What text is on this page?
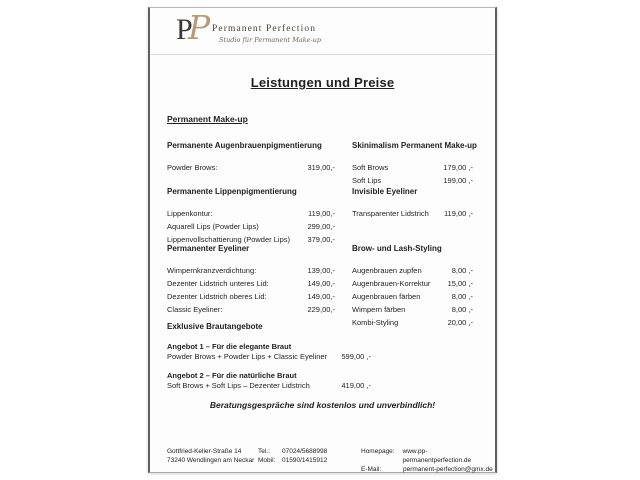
P
P Permanent Perfection
Studio für Permanent Make-up
Leistungen und Preise
Permanent Make-up
Permanente Augenbrauenpigmentierung
Powder Brows:	319,00,-
Permanente Lippenpigmentierung
Lippenkontur:	119,00,-
Aquarell Lips (Powder Lips)	299,00,-
Lippenvollschattierung (Powder Lips) 379,00,-
Permanenter Eyeliner
Wimpernkranzverdichtung:	139,00,-
Dezenter Lidstrich unteres Lid:	149,00,-
Dezenter Lidstrich oberes Lid:	149,00,-
Classic Eyeliner:	229,00,-
Skinimalism Permanent Make-up
Soft Brows	179,00 ,-
Soft Lips	199,00 ,-
Invisible Eyeliner
Transparenter Lidstrich 119,00 ,-
Brow- und Lash-Styling
Augenbrauen zupfen	8,00 ,-
Augenbrauen-Korrektur 15,00 ,-
Augenbrauen färben	8,00 ,-
Wimpern färben	8,00 ,-
Kombi-Styling	20,00 ,-
Exklusive Brautangebote
Angebot 1 – Für die elegante Braut
Powder Brows + Powder Lips + Classic Eyeliner 599,00 ,-
Angebot 2 – Für die natürliche Braut
Soft Brows + Soft Lips – Dezenter Lidstrich	419,00 ,-
Beratungsgespräche sind kostenlos und unverbindlich!
Gottfried-Keller-Straße 14
73240 Wendlingen am Neckar
Tel.:	07024/5688998
Mobil:	01590/1415912
Homepage:	www.pp-permanentperfection.de
E-Mail:	permanent-perfection@gmx.de
